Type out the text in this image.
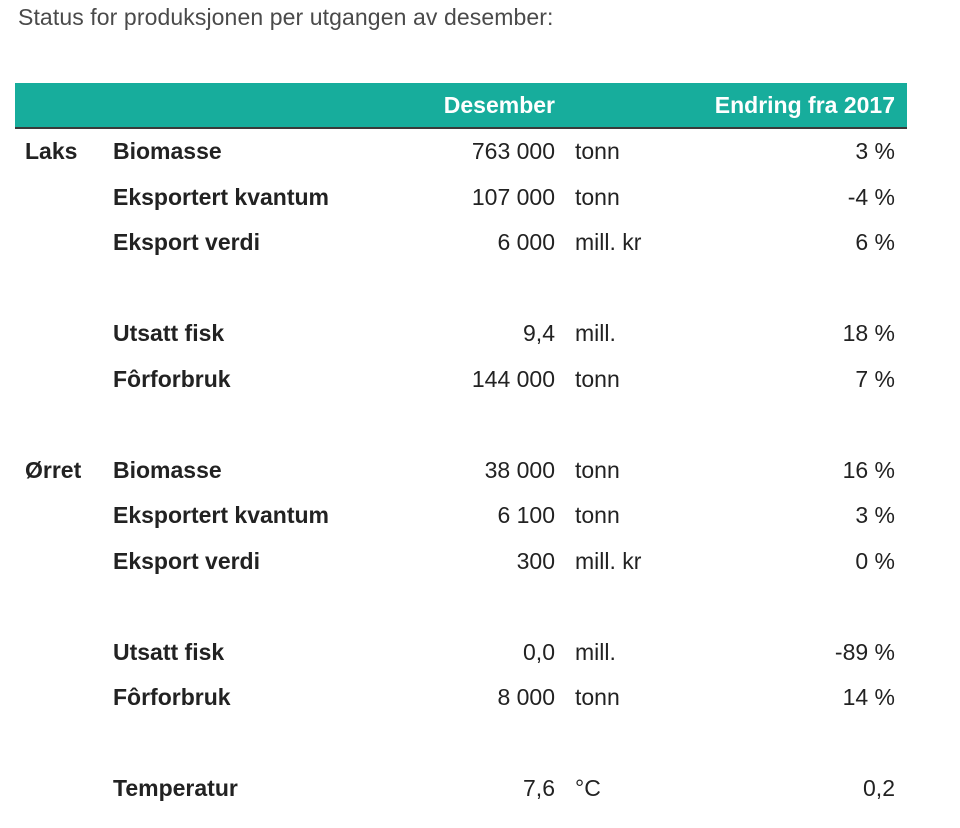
Status for produksjonen per utgangen av desember:
Desember	Endring fra 2017
Laks Biomasse	763 000 tonn	3 %
Eksportert kvantum	107 000 tonn	-4 %
Eksport verdi	6 000 mill. kr	6 %
Utsatt fisk	9,4 mill.	18 %
Fôrforbruk	144 000 tonn	7 %
Ørret Biomasse	38 000 tonn	16 %
Eksportert kvantum	6 100 tonn	3 %
Eksport verdi	300 mill. kr	0 %
Utsatt fisk	0,0 mill.	-89 %
Fôrforbruk	8 000 tonn	14 %
Temperatur	7,6 °C	0,2
